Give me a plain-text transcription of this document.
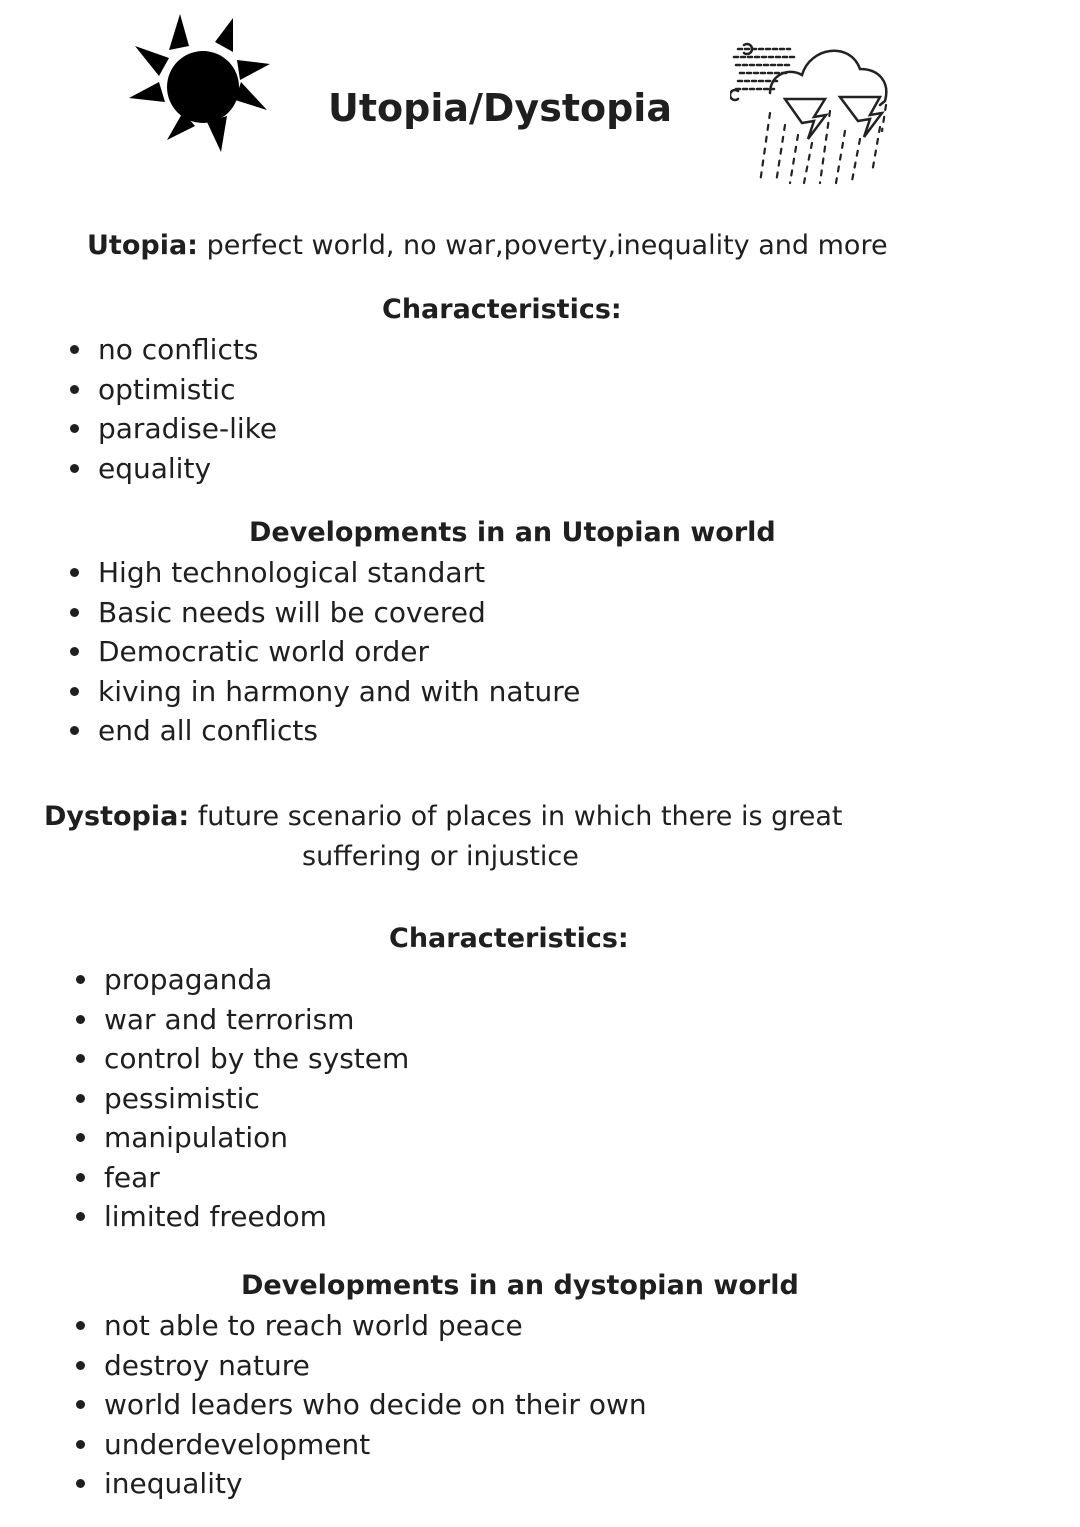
Utopia/Dystopia

Utopia: perfect world, no war,poverty,inequality and more

Characteristics:

no conflicts
optimistic
paradise-like
equality

Developments in an Utopian world

High technological standart
Basic needs will be covered
Democratic world order
kiving in harmony and with nature
end all conflicts

Dystopia: future scenario of places in which there is great

suffering or injustice

Characteristics:

propaganda
war and terrorism
control by the system
pessimistic
manipulation
fear
limited freedom

Developments in an dystopian world

not able to reach world peace
destroy nature
world leaders who decide on their own
underdevelopment
inequality
